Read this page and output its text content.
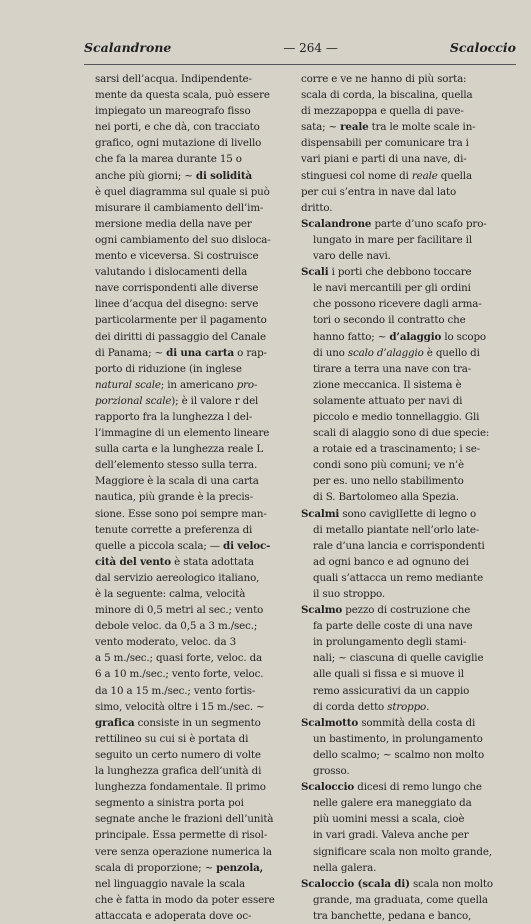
Scalandrone	— 264 —	Scaloccio
sarsi dell’acqua. Indipendente-
mente da questa scala, può essere
impiegato un mareografo fisso
nei porti, e che dà, con tracciato
grafico, ogni mutazione di livello
che fa la marea durante 15 o
anche più giorni; ~ di solidità
è quel diagramma sul quale si può
misurare il cambiamento dell’im-
mersione media della nave per
ogni cambiamento del suo disloca-
mento e viceversa. Si costruisce
valutando i dislocamenti della
nave corrispondenti alle diverse
linee d’acqua del disegno: serve
particolarmente per il pagamento
dei diritti di passaggio del Canale
di Panama; ~ di una carta o rap-
porto di riduzione (in inglese
natural scale; in americano pro-
porzional scale); è il valore r del
rapporto fra la lunghezza l del-
l’immagine di un elemento lineare
sulla carta e la lunghezza reale L
dell’elemento stesso sulla terra.
Maggiore è la scala di una carta
nautica, più grande è la precis-
sione. Esse sono poi sempre man-
tenute corrette a preferenza di
quelle a piccola scala; — di veloc-
cità del vento è stata adottata
dal servizio aereologico italiano,
è la seguente: calma, velocità
minore di 0,5 metri al sec.; vento
debole veloc. da 0,5 a 3 m./sec.;
vento moderato, veloc. da 3
a 5 m./sec.; quasi forte, veloc. da
6 a 10 m./sec.; vento forte, veloc.
da 10 a 15 m./sec.; vento fortis-
simo, velocità oltre i 15 m./sec. ~
grafica consiste in un segmento
rettilineo su cui si è portata di
seguito un certo numero di volte
la lunghezza grafica dell’unità di
lunghezza fondamentale. Il primo
segmento a sinistra porta poi
segnate anche le frazioni dell’unità
principale. Essa permette di risol-
vere senza operazione numerica la
scala di proporzione; ~ penzola,
nel linguaggio navale la scala
che è fatta in modo da poter essere
attaccata e adoperata dove oc-
corre e ve ne hanno di più sorta:
scala di corda, la biscalina, quella
di mezzapoppa e quella di pave-
sata; ~ reale tra le molte scale in-
dispensabili per comunicare tra i
vari piani e parti di una nave, di-
stinguesi col nome di reale quella
per cui s’entra in nave dal lato
dritto.
Scalandrone parte d’uno scafo pro-
lungato in mare per facilitare il
varo delle navi.
Scali i porti che debbono toccare
le navi mercantili per gli ordini
che possono ricevere dagli arma-
tori o secondo il contratto che
hanno fatto; ~ d’alaggio lo scopo
di uno scalo d’alaggio è quello di
tirare a terra una nave con tra-
zione meccanica. Il sistema è
solamente attuato per navi di
piccolo e medio tonnellaggio. Gli
scali di alaggio sono di due specie:
a rotaie ed a trascinamento; i se-
condi sono più comuni; ve n’è
per es. uno nello stabilimento
di S. Bartolomeo alla Spezia.
Scalmi sono caviglIette di legno o
di metallo piantate nell’orlo late-
rale d’una lancia e corrispondenti
ad ogni banco e ad ognuno dei
quali s’attacca un remo mediante
il suo stroppo.
Scalmo pezzo di costruzione che
fa parte delle coste di una nave
in prolungamento degli stami-
nali; ~ ciascuna di quelle caviglie
alle quali si fissa e si muove il
remo assicurativi da un cappio
di corda detto stroppo.
Scalmotto sommità della costa di
un bastimento, in prolungamento
dello scalmo; ~ scalmo non molto
grosso.
Scaloccio dicesi di remo lungo che
nelle galere era maneggiato da
più uomini messi a scala, cioè
in vari gradi. Valeva anche per
significare scala non molto grande,
nella galera.
Scaloccio (scala di) scala non molto
grande, ma graduata, come quella
tra banchette, pedana e banco,
